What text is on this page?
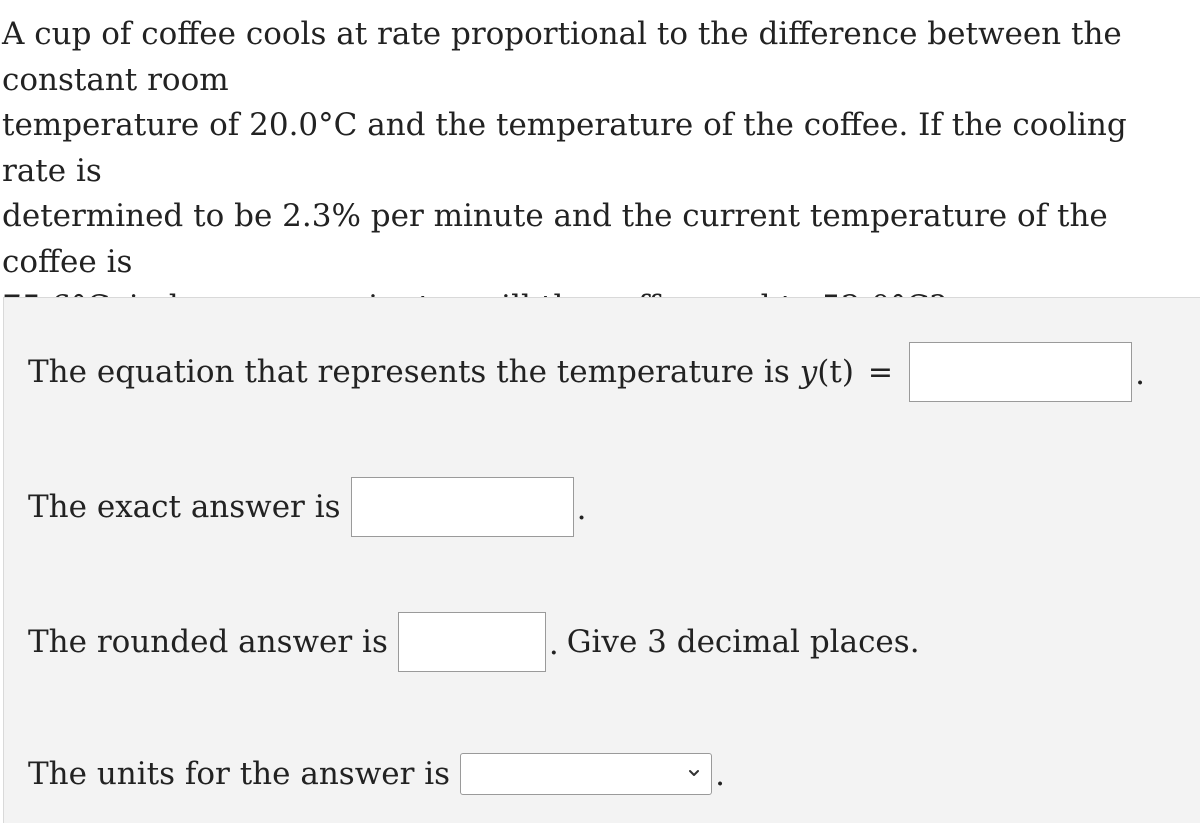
A cup of coffee cools at rate proportional to the difference between the constant room
temperature of 20.0°C and the temperature of the coffee. If the cooling rate is
determined to be 2.3% per minute and the current temperature of the coffee is
The equation that represents the temperature is y(t) =	.
The exact answer is	.
The rounded answer is	. Give 3 decimal places.
The units for the answer is	.
